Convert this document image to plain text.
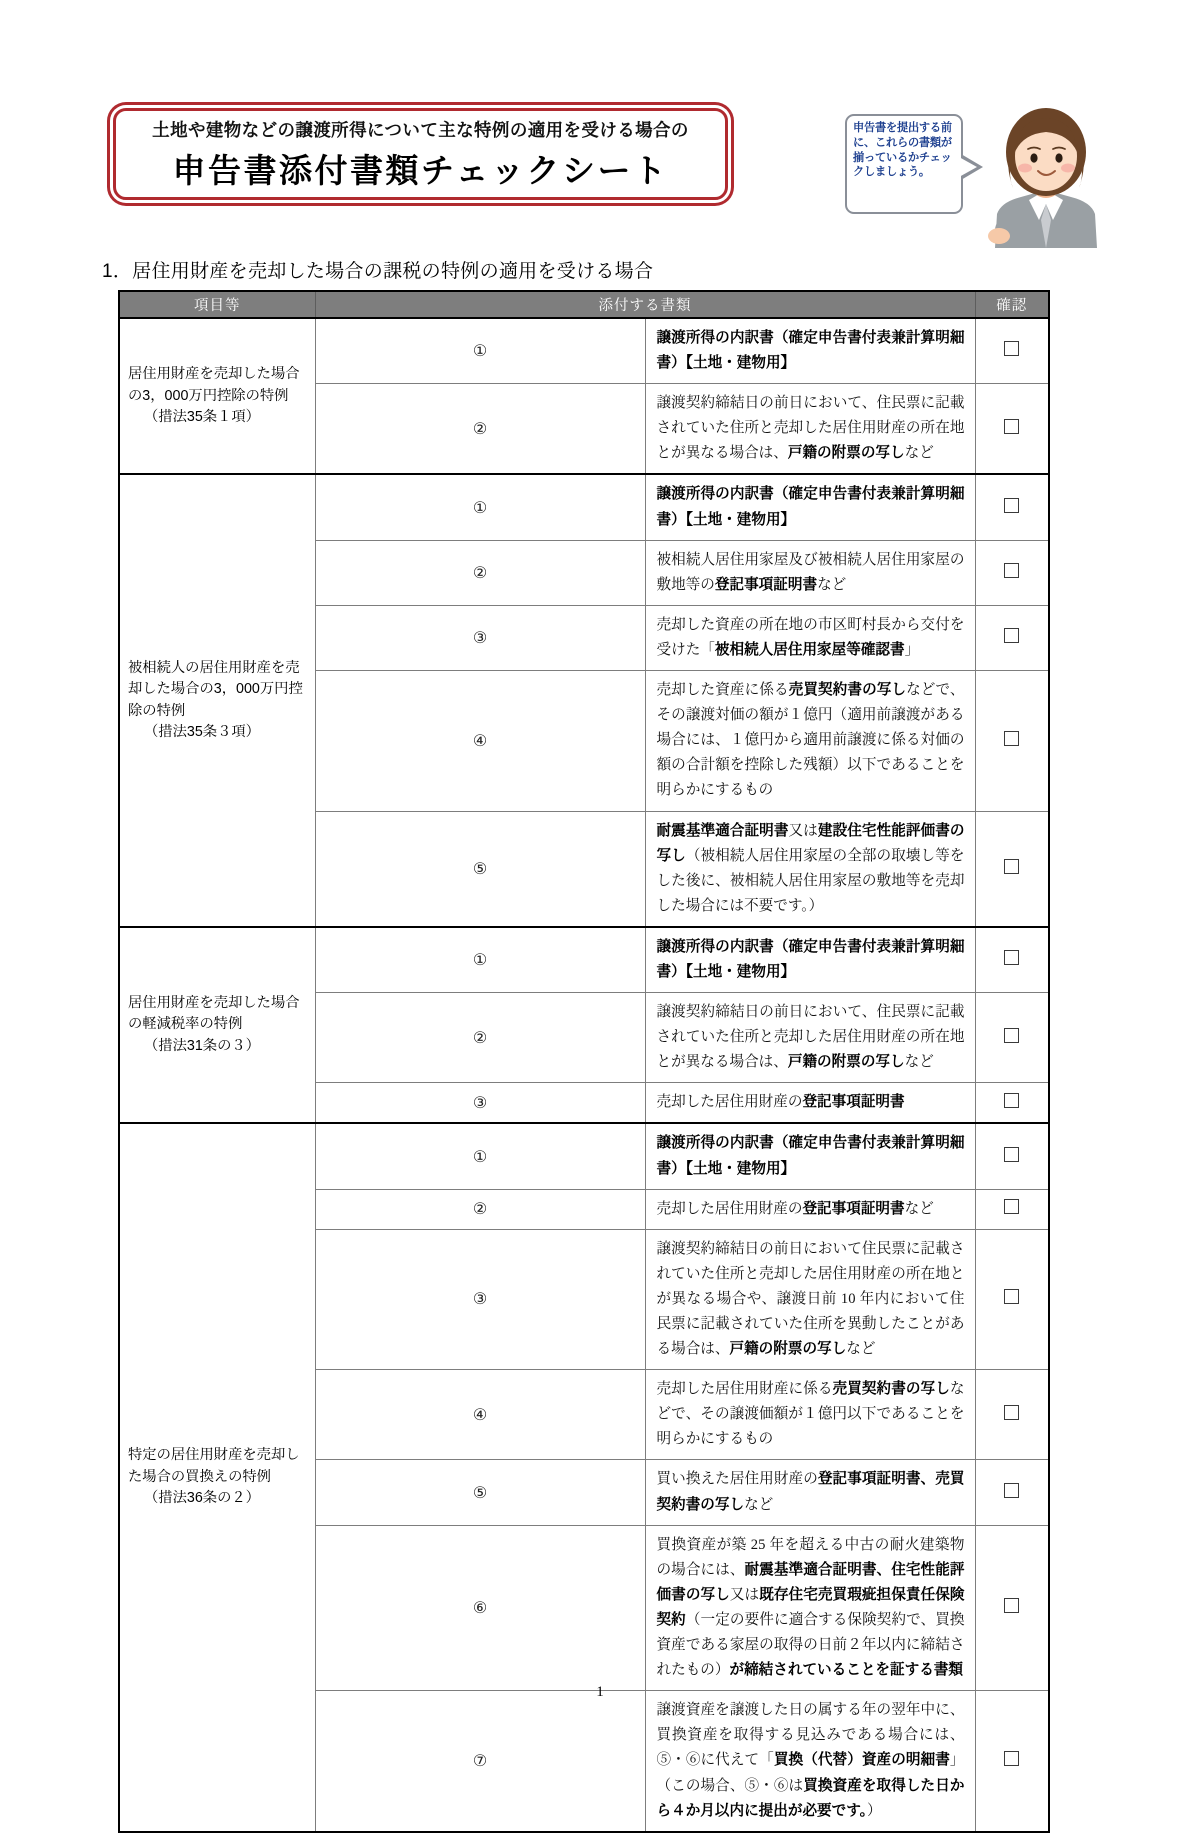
土地や建物などの譲渡所得について主な特例の適用を受ける場合の
申告書添付書類チェックシート
申告書を提出する前に、これらの書類が揃っているかチェックしましょう。
1．居住用財産を売却した場合の課税の特例の適用を受ける場合
項目等	添付する書類		確認
居住用財産を売却した場合の3，000万円控除の特例
（措法35条１項）	①	譲渡所得の内訳書（確定申告書付表兼計算明細書）【土地・建物用】	
	②	譲渡契約締結日の前日において、住民票に記載されていた住所と売却した居住用財産の所在地とが異なる場合は、戸籍の附票の写しなど	
被相続人の居住用財産を売却した場合の3，000万円控除の特例
（措法35条３項）	①	譲渡所得の内訳書（確定申告書付表兼計算明細書）【土地・建物用】	
	②	被相続人居住用家屋及び被相続人居住用家屋の敷地等の登記事項証明書など	
	③	売却した資産の所在地の市区町村長から交付を受けた「被相続人居住用家屋等確認書」	
	④	売却した資産に係る売買契約書の写しなどで、その譲渡対価の額が１億円（適用前譲渡がある場合には、１億円から適用前譲渡に係る対価の額の合計額を控除した残額）以下であることを明らかにするもの	
	⑤	耐震基準適合証明書又は建設住宅性能評価書の写し（被相続人居住用家屋の全部の取壊し等をした後に、被相続人居住用家屋の敷地等を売却した場合には不要です。）	
居住用財産を売却した場合の軽減税率の特例
（措法31条の３）	①	譲渡所得の内訳書（確定申告書付表兼計算明細書）【土地・建物用】	
	②	譲渡契約締結日の前日において、住民票に記載されていた住所と売却した居住用財産の所在地とが異なる場合は、戸籍の附票の写しなど	
	③	売却した居住用財産の登記事項証明書	
特定の居住用財産を売却した場合の買換えの特例
（措法36条の２）	①	譲渡所得の内訳書（確定申告書付表兼計算明細書）【土地・建物用】	
	②	売却した居住用財産の登記事項証明書など	
	③	譲渡契約締結日の前日において住民票に記載されていた住所と売却した居住用財産の所在地とが異なる場合や、譲渡日前 10 年内において住民票に記載されていた住所を異動したことがある場合は、戸籍の附票の写しなど	
	④	売却した居住用財産に係る売買契約書の写しなどで、その譲渡価額が１億円以下であることを明らかにするもの	
	⑤	買い換えた居住用財産の登記事項証明書、売買契約書の写しなど	
	⑥	買換資産が築 25 年を超える中古の耐火建築物の場合には、耐震基準適合証明書、住宅性能評価書の写し又は既存住宅売買瑕疵担保責任保険契約（一定の要件に適合する保険契約で、買換資産である家屋の取得の日前２年以内に締結されたもの）が締結されていることを証する書類	
	⑦	譲渡資産を譲渡した日の属する年の翌年中に、買換資産を取得する見込みである場合には、⑤・⑥に代えて「買換（代替）資産の明細書」（この場合、⑤・⑥は買換資産を取得した日から４か月以内に提出が必要です。）	
1
